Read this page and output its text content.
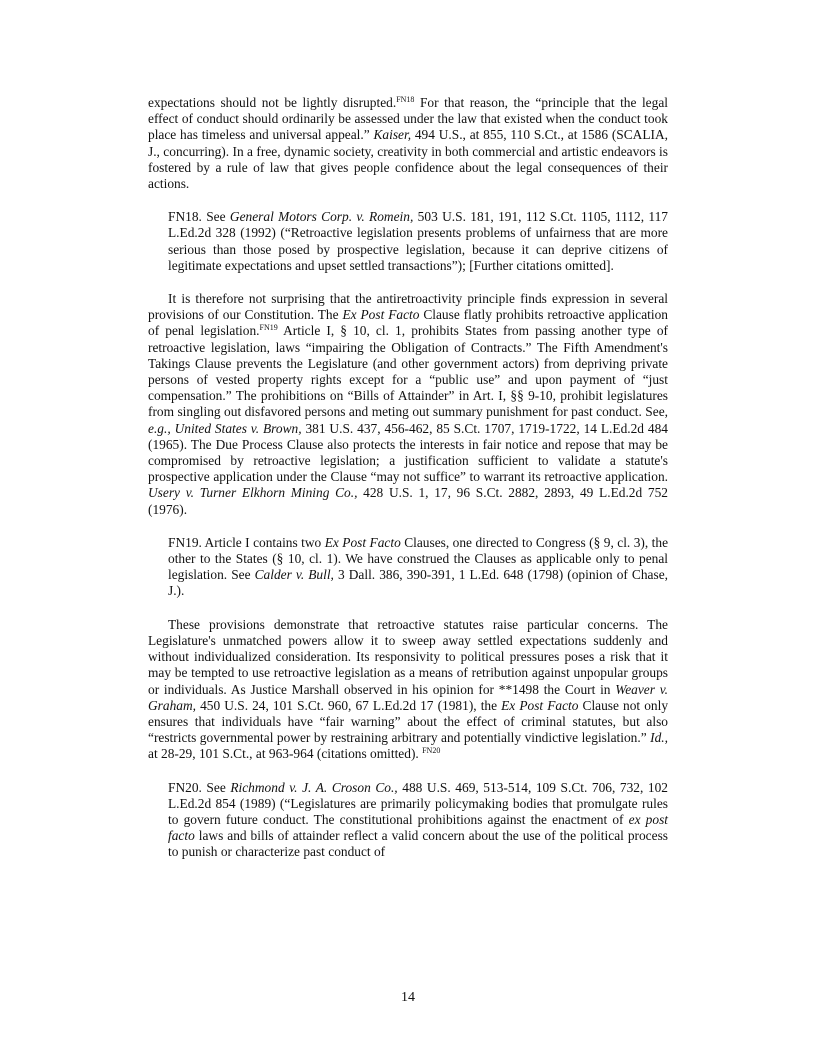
expectations should not be lightly disrupted.$^{FN18}$ For that reason, the “principle that the legal effect of conduct should ordinarily be assessed under the law that existed when the conduct took place has timeless and universal appeal.” Kaiser, 494 U.S., at 855, 110 S.Ct., at 1586 (SCALIA, J., concurring). In a free, dynamic society, creativity in both commercial and artistic endeavors is fostered by a rule of law that gives people confidence about the legal consequences of their actions.

FN18. See General Motors Corp. v. Romein, 503 U.S. 181, 191, 112 S.Ct. 1105, 1112, 117 L.Ed.2d 328 (1992) (“Retroactive legislation presents problems of unfairness that are more serious than those posed by prospective legislation, because it can deprive citizens of legitimate expectations and upset settled transactions”); [Further citations omitted].

It is therefore not surprising that the antiretroactivity principle finds expression in several provisions of our Constitution. The Ex Post Facto Clause flatly prohibits retroactive application of penal legislation.$^{FN19}$ Article I, § 10, cl. 1, prohibits States from passing another type of retroactive legislation, laws “impairing the Obligation of Contracts.” The Fifth Amendment's Takings Clause prevents the Legislature (and other government actors) from depriving private persons of vested property rights except for a “public use” and upon payment of “just compensation.” The prohibitions on “Bills of Attainder” in Art. I, §§ 9-10, prohibit legislatures from singling out disfavored persons and meting out summary punishment for past conduct. See, e.g., United States v. Brown, 381 U.S. 437, 456-462, 85 S.Ct. 1707, 1719-1722, 14 L.Ed.2d 484 (1965). The Due Process Clause also protects the interests in fair notice and repose that may be compromised by retroactive legislation; a justification sufficient to validate a statute's prospective application under the Clause “may not suffice” to warrant its retroactive application. Usery v. Turner Elkhorn Mining Co., 428 U.S. 1, 17, 96 S.Ct. 2882, 2893, 49 L.Ed.2d 752 (1976).

FN19. Article I contains two Ex Post Facto Clauses, one directed to Congress (§ 9, cl. 3), the other to the States (§ 10, cl. 1). We have construed the Clauses as applicable only to penal legislation. See Calder v. Bull, 3 Dall. 386, 390-391, 1 L.Ed. 648 (1798) (opinion of Chase, J.).

These provisions demonstrate that retroactive statutes raise particular concerns. The Legislature's unmatched powers allow it to sweep away settled expectations suddenly and without individualized consideration. Its responsivity to political pressures poses a risk that it may be tempted to use retroactive legislation as a means of retribution against unpopular groups or individuals. As Justice Marshall observed in his opinion for **1498 the Court in Weaver v. Graham, 450 U.S. 24, 101 S.Ct. 960, 67 L.Ed.2d 17 (1981), the Ex Post Facto Clause not only ensures that individuals have “fair warning” about the effect of criminal statutes, but also “restricts governmental power by restraining arbitrary and potentially vindictive legislation.” Id., at 28-29, 101 S.Ct., at 963-964 (citations omitted). $^{FN20}$

FN20. See Richmond v. J. A. Croson Co., 488 U.S. 469, 513-514, 109 S.Ct. 706, 732, 102 L.Ed.2d 854 (1989) (“Legislatures are primarily policymaking bodies that promulgate rules to govern future conduct. The constitutional prohibitions against the enactment of ex post facto laws and bills of attainder reflect a valid concern about the use of the political process to punish or characterize past conduct of

14
